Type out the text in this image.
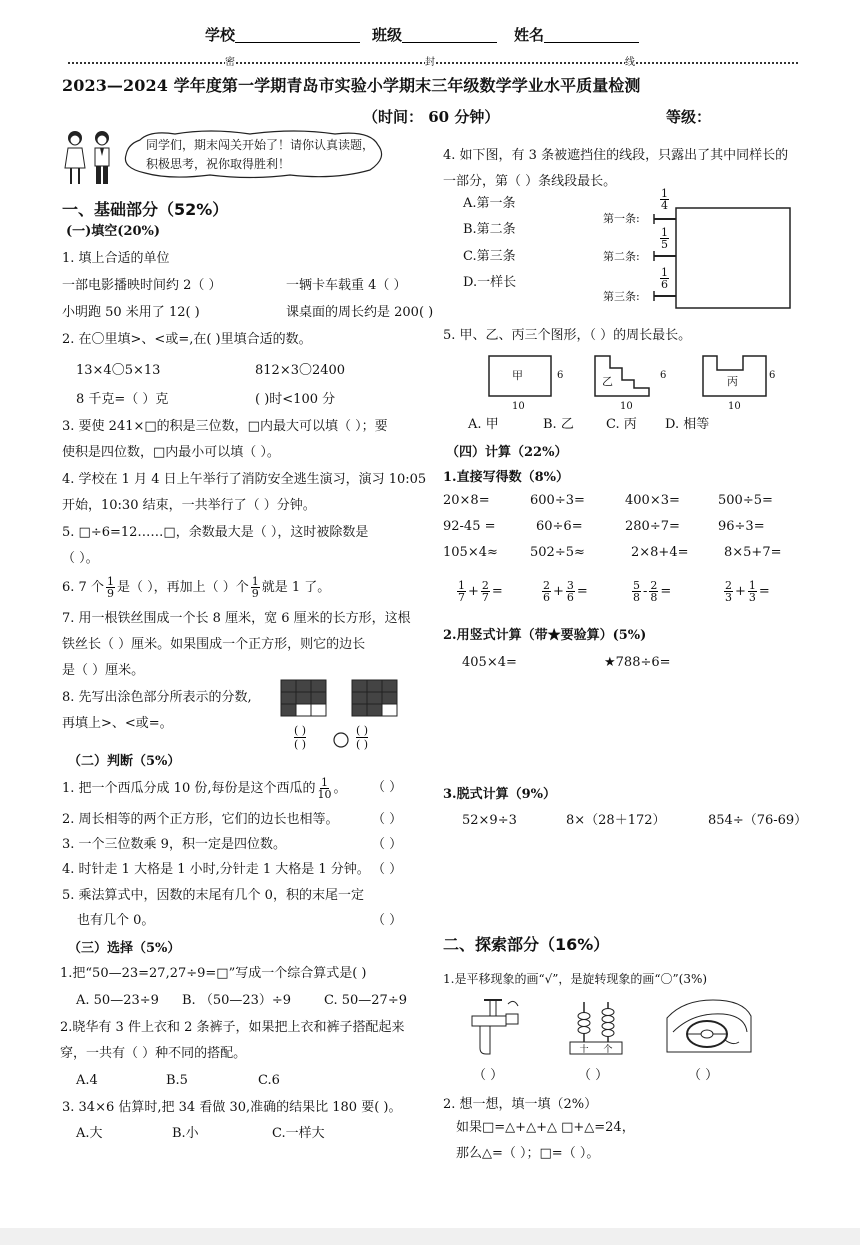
学校	班级	姓名
密	封	线
2023—2024 学年度第一学期青岛市实验小学期末三年级数学学业水平质量检测
（时间： 60 分钟）	等级：
同学们，期末闯关开始了！请你认真读题，
积极思考，祝你取得胜利！
一、基础部分（52%）
(一)填空(20%)
1. 填上合适的单位
一部电影播映时间约 2（ ）	一辆卡车载重 4（ ）
小明跑 50 米用了 12( )	课桌面的周长约是 200( )
2. 在〇里填>、<或=,在( )里填合适的数。
13×4〇5×13	812×3〇2400
8 千克=（ ）克	( )时<100 分
3. 要使 241×□的积是三位数，□内最大可以填（ ）；要
使积是四位数，□内最小可以填（ ）。
4. 学校在 1 月 4 日上午举行了消防安全逃生演习，演习 10:05
开始，10:30 结束，一共举行了（ ）分钟。
5. □÷6=12……□，余数最大是（ ），这时被除数是
（ ）。
6. 7 个 $\frac{1}{9}$ 是（ ），再加上（ ）个 $\frac{1}{9}$ 就是 1 了。
7. 用一根铁丝围成一个长 8 厘米，宽 6 厘米的长方形，这根
铁丝长（ ）厘米。如果围成一个正方形，则它的边长
是（ ）厘米。
8. 先写出涂色部分所表示的分数,
再填上>、<或=。	( )
( )
( )
( )
（二）判断（5%）
1. 把一个西瓜分成 10 份,每份是这个西瓜的 $\frac{1}{10}$ 。 （ ）
2. 周长相等的两个正方形，它们的边长也相等。	（ ）
3. 一个三位数乘 9，积一定是四位数。	（ ）
4. 时针走 1 大格是 1 小时,分针走 1 大格是 1 分钟。 （ ）
5. 乘法算式中，因数的末尾有几个 0，积的末尾一定
也有几个 0。	（ ）
（三）选择（5%）
1.把“50—23=27,27÷9=□”写成一个综合算式是( )
A. 50—23÷9 B. （50—23）÷9	C. 50—27÷9
2.晓华有 3 件上衣和 2 条裤子，如果把上衣和裤子搭配起来
穿，一共有（ ）种不同的搭配。
A.4	B.5	C.6
3. 34×6 估算时,把 34 看做 30,准确的结果比 180 要( )。
A.大	B.小	C.一样大
4. 如下图，有 3 条被遮挡住的线段，只露出了其中同样长的
一部分，第（ ）条线段最长。
A.第一条
B.第二条
C.第三条
D.一样长
第一条:
第二条:
第三条:
$\frac{1}{4}$
$\frac{1}{5}$
$\frac{1}{6}$
5. 甲、乙、丙三个图形，（ ）的周长最长。
甲	乙	丙
6	6	6
10	10	10
A. 甲	B. 乙 C. 丙 D. 相等
（四）计算（22%）
1.直接写得数（8%）
20×8=	600÷3=	400×3=	500÷5=
92-45 =	60÷6=	280÷7=	96÷3=
105×4≈ 502÷5≈	2×8+4=	8×5+7=
$\frac{1}{7} + \frac{2}{7}$ =	$\frac{2}{6} + \frac{3}{6}$ =	$\frac{5}{8} - \frac{2}{8}$ =	$\frac{2}{3} + \frac{1}{3}$ =
2.用竖式计算（带★要验算）(5%)
405×4=	★788÷6=
3.脱式计算（9%）
52×9÷3	8×（28＋172）	854÷（76-69）
二、探索部分（16%）
1.是平移现象的画“√”，是旋转现象的画“〇”(3%)
十 个
（ ）	（ ）	（ ）
2. 想一想，填一填（2%）
如果□=△+△+△ □+△=24，
那么△=（ ）；□=（ ）。
